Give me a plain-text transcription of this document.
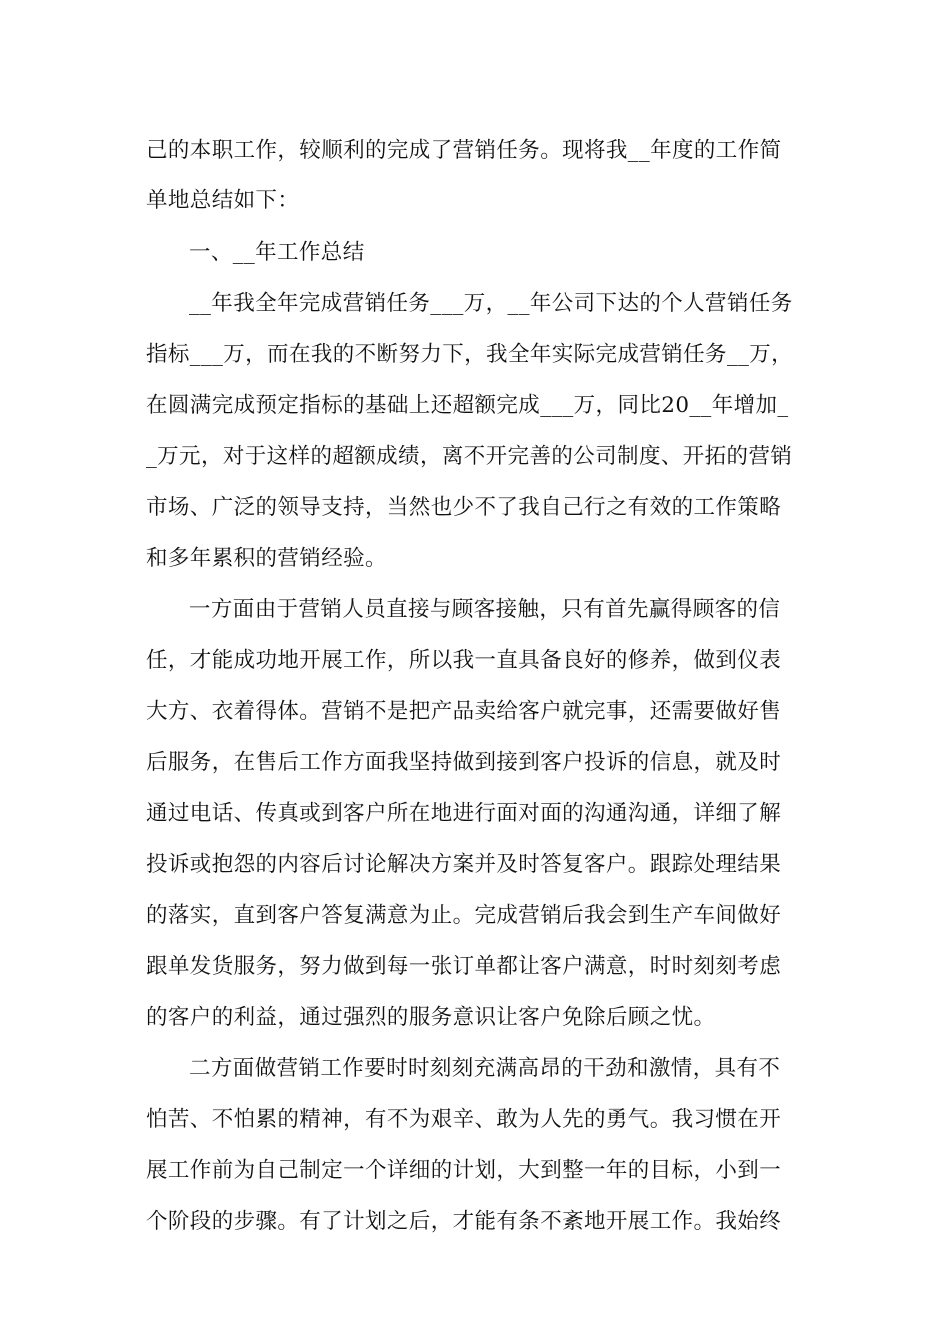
己的本职工作，较顺利的完成了营销任务。现将我__年度的工作简
单地总结如下：
一、__年工作总结
__年我全年完成营销任务___万，__年公司下达的个人营销任务
指标___万，而在我的不断努力下，我全年实际完成营销任务__万，
在圆满完成预定指标的基础上还超额完成___万，同比20__年增加_
_万元，对于这样的超额成绩，离不开完善的公司制度、开拓的营销
市场、广泛的领导支持，当然也少不了我自己行之有效的工作策略
和多年累积的营销经验。
一方面由于营销人员直接与顾客接触，只有首先赢得顾客的信
任，才能成功地开展工作，所以我一直具备良好的修养，做到仪表
大方、衣着得体。营销不是把产品卖给客户就完事，还需要做好售
后服务，在售后工作方面我坚持做到接到客户投诉的信息，就及时
通过电话、传真或到客户所在地进行面对面的沟通沟通，详细了解
投诉或抱怨的内容后讨论解决方案并及时答复客户。跟踪处理结果
的落实，直到客户答复满意为止。完成营销后我会到生产车间做好
跟单发货服务，努力做到每一张订单都让客户满意，时时刻刻考虑
的客户的利益，通过强烈的服务意识让客户免除后顾之忧。
二方面做营销工作要时时刻刻充满高昂的干劲和激情，具有不
怕苦、不怕累的精神，有不为艰辛、敢为人先的勇气。我习惯在开
展工作前为自己制定一个详细的计划，大到整一年的目标，小到一
个阶段的步骤。有了计划之后，才能有条不紊地开展工作。我始终
